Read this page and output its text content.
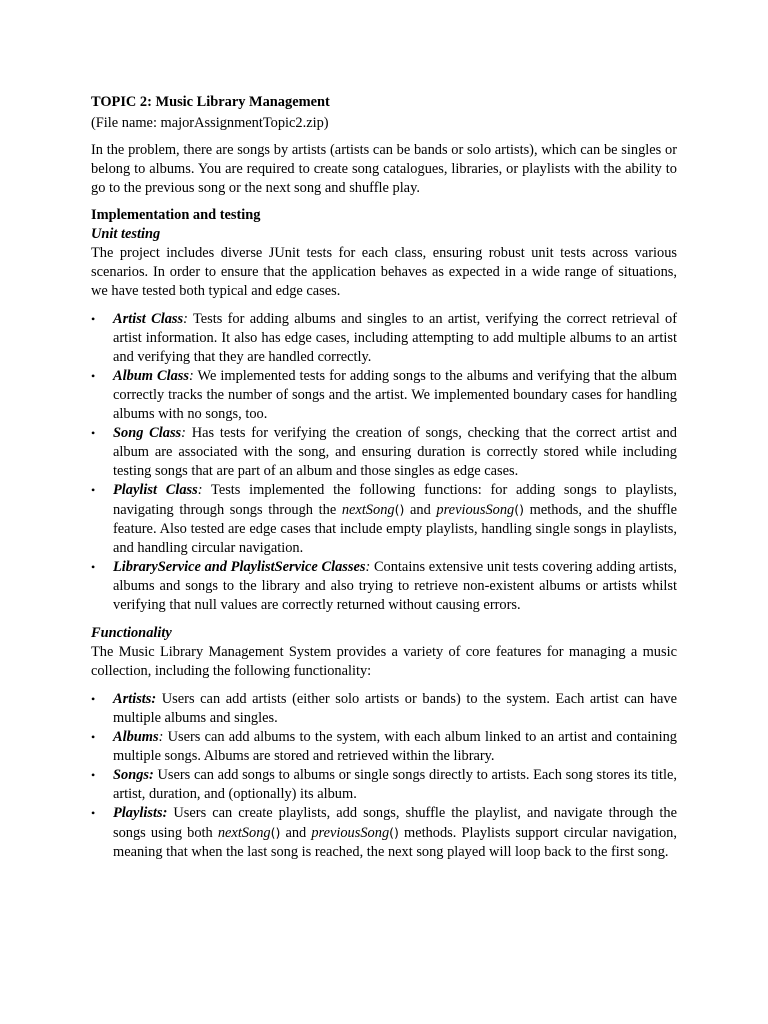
TOPIC 2: Music Library Management

(File name: majorAssignmentTopic2.zip)

In the problem, there are songs by artists (artists can be bands or solo artists), which can be singles or belong to albums. You are required to create song catalogues, libraries, or playlists with the ability to go to the previous song or the next song and shuffle play.

Implementation and testing

Unit testing

The project includes diverse JUnit tests for each class, ensuring robust unit tests across various scenarios. In order to ensure that the application behaves as expected in a wide range of situations, we have tested both typical and edge cases.

• Artist Class: Tests for adding albums and singles to an artist, verifying the correct retrieval of artist information. It also has edge cases, including attempting to add multiple albums to an artist and verifying that they are handled correctly.
• Album Class: We implemented tests for adding songs to the albums and verifying that the album correctly tracks the number of songs and the artist. We implemented boundary cases for handling albums with no songs, too.
• Song Class: Has tests for verifying the creation of songs, checking that the correct artist and album are associated with the song, and ensuring duration is correctly stored while including testing songs that are part of an album and those singles as edge cases.
• Playlist Class: Tests implemented the following functions: for adding songs to playlists, navigating through songs through the nextSong() and previousSong() methods, and the shuffle feature. Also tested are edge cases that include empty playlists, handling single songs in playlists, and handling circular navigation.
• LibraryService and PlaylistService Classes: Contains extensive unit tests covering adding artists, albums and songs to the library and also trying to retrieve non-existent albums or artists whilst verifying that null values are correctly returned without causing errors.

Functionality

The Music Library Management System provides a variety of core features for managing a music collection, including the following functionality:

• Artists: Users can add artists (either solo artists or bands) to the system. Each artist can have multiple albums and singles.
• Albums: Users can add albums to the system, with each album linked to an artist and containing multiple songs. Albums are stored and retrieved within the library.
• Songs: Users can add songs to albums or single songs directly to artists. Each song stores its title, artist, duration, and (optionally) its album.
• Playlists: Users can create playlists, add songs, shuffle the playlist, and navigate through the songs using both nextSong() and previousSong() methods. Playlists support circular navigation, meaning that when the last song is reached, the next song played will loop back to the first song.
